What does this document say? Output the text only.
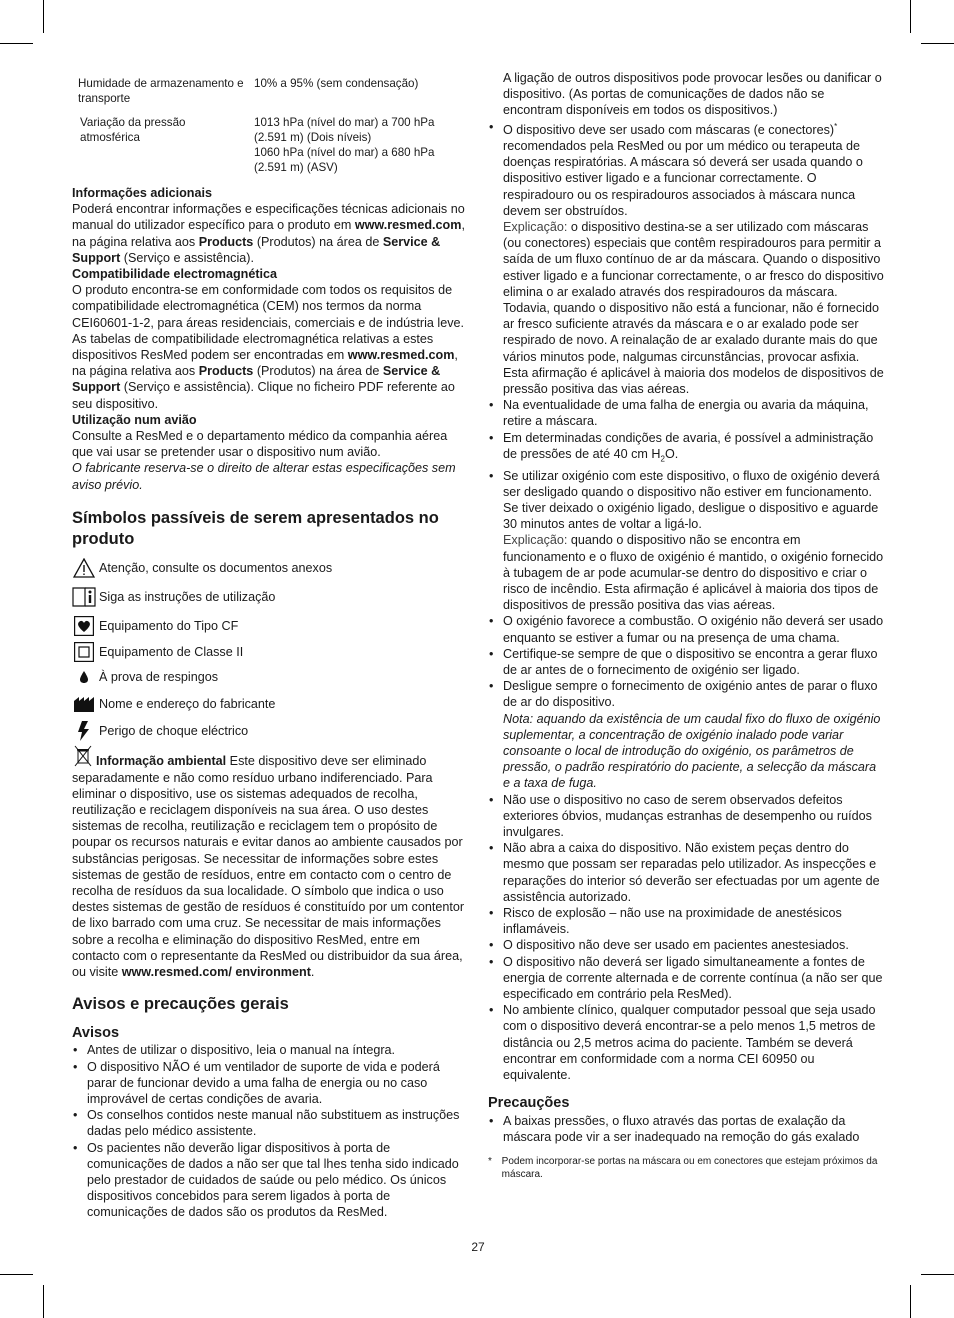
Humidade de armazenamento e transporte
10% a 95% (sem condensação)
Variação da pressão atmosférica
1013 hPa (nível do mar) a 700 hPa (2.591 m) (Dois níveis)
1060 hPa (nível do mar) a 680 hPa (2.591 m) (ASV)

Informações adicionais

Poderá encontrar informações e especificações técnicas adicionais no manual do utilizador específico para o produto em www.resmed.com, na página relativa aos Products (Produtos) na área de Service & Support (Serviço e assistência).

Compatibilidade electromagnética

O produto encontra-se em conformidade com todos os requisitos de compatibilidade electromagnética (CEM) nos termos da norma CEI60601-1-2, para áreas residenciais, comerciais e de indústria leve. As tabelas de compatibilidade electromagnética relativas a estes dispositivos ResMed podem ser encontradas em www.resmed.com, na página relativa aos Products (Produtos) na área de Service & Support (Serviço e assistência). Clique no ficheiro PDF referente ao seu dispositivo.

Utilização num avião

Consulte a ResMed e o departamento médico da companhia aérea que vai usar se pretender usar o dispositivo num avião.

O fabricante reserva-se o direito de alterar estas especificações sem aviso prévio.

Símbolos passíveis de serem apresentados no produto
Atenção, consulte os documentos anexos
Siga as instruções de utilização
Equipamento do Tipo CF
Equipamento de Classe II
À prova de respingos
Nome e endereço do fabricante
Perigo de choque eléctrico

Informação ambiental Este dispositivo deve ser eliminado separadamente e não como resíduo urbano indiferenciado. Para eliminar o dispositivo, use os sistemas adequados de recolha, reutilização e reciclagem disponíveis na sua área. O uso destes sistemas de recolha, reutilização e reciclagem tem o propósito de poupar os recursos naturais e evitar danos ao ambiente causados por substâncias perigosas. Se necessitar de informações sobre estes sistemas de gestão de resíduos, entre em contacto com o centro de recolha de resíduos da sua localidade. O símbolo que indica o uso destes sistemas de gestão de resíduos é constituído por um contentor de lixo barrado com uma cruz. Se necessitar de mais informações sobre a recolha e eliminação do dispositivo ResMed, entre em contacto com o representante da ResMed ou distribuidor da sua área, ou visite www.resmed.com/ environment.

Avisos e precauções gerais
Avisos
• Antes de utilizar o dispositivo, leia o manual na íntegra.
• O dispositivo NÃO é um ventilador de suporte de vida e poderá parar de funcionar devido a uma falha de energia ou no caso improvável de certas condições de avaria.
• Os conselhos contidos neste manual não substituem as instruções dadas pelo médico assistente.
• Os pacientes não deverão ligar dispositivos à porta de comunicações de dados a não ser que tal lhes tenha sido indicado pelo prestador de cuidados de saúde ou pelo médico. Os únicos dispositivos concebidos para serem ligados à porta de comunicações de dados são os produtos da ResMed.

A ligação de outros dispositivos pode provocar lesões ou danificar o dispositivo. (As portas de comunicações de dados não se encontram disponíveis em todos os dispositivos.)

• O dispositivo deve ser usado com máscaras (e conectores)* recomendados pela ResMed ou por um médico ou terapeuta de doenças respiratórias. A máscara só deverá ser usada quando o dispositivo estiver ligado e a funcionar correctamente. O respiradouro ou os respiradouros associados à máscara nunca devem ser obstruídos.

Explicação: o dispositivo destina-se a ser utilizado com máscaras (ou conectores) especiais que contêm respiradouros para permitir a saída de um fluxo contínuo de ar da máscara. Quando o dispositivo estiver ligado e a funcionar correctamente, o ar fresco do dispositivo elimina o ar exalado através dos respiradouros da máscara. Todavia, quando o dispositivo não está a funcionar, não é fornecido ar fresco suficiente através da máscara e o ar exalado pode ser respirado de novo. A reinalação de ar exalado durante mais do que vários minutos pode, nalgumas circunstâncias, provocar asfixia. Esta afirmação é aplicável à maioria dos modelos de dispositivos de pressão positiva das vias aéreas.

• Na eventualidade de uma falha de energia ou avaria da máquina, retire a máscara.
• Em determinadas condições de avaria, é possível a administração de pressões de até 40 cm $H_2O$.
• Se utilizar oxigénio com este dispositivo, o fluxo de oxigénio deverá ser desligado quando o dispositivo não estiver em funcionamento. Se tiver deixado o oxigénio ligado, desligue o dispositivo e aguarde 30 minutos antes de voltar a ligá-lo.

Explicação: quando o dispositivo não se encontra em funcionamento e o fluxo de oxigénio é mantido, o oxigénio fornecido à tubagem de ar pode acumular-se dentro do dispositivo e criar o risco de incêndio. Esta afirmação é aplicável à maioria dos tipos de dispositivos de pressão positiva das vias aéreas.

• O oxigénio favorece a combustão. O oxigénio não deverá ser usado enquanto se estiver a fumar ou na presença de uma chama.
• Certifique-se sempre de que o dispositivo se encontra a gerar fluxo de ar antes de o fornecimento de oxigénio ser ligado.
• Desligue sempre o fornecimento de oxigénio antes de parar o fluxo de ar do dispositivo.

Nota: aquando da existência de um caudal fixo do fluxo de oxigénio suplementar, a concentração de oxigénio inalado pode variar consoante o local de introdução do oxigénio, os parâmetros de pressão, o padrão respiratório do paciente, a selecção da máscara e a taxa de fuga.

• Não use o dispositivo no caso de serem observados defeitos exteriores óbvios, mudanças estranhas de desempenho ou ruídos invulgares.
• Não abra a caixa do dispositivo. Não existem peças dentro do mesmo que possam ser reparadas pelo utilizador. As inspecções e reparações do interior só deverão ser efectuadas por um agente de assistência autorizado.
• Risco de explosão – não use na proximidade de anestésicos inflamáveis.
• O dispositivo não deve ser usado em pacientes anestesiados.
• O dispositivo não deverá ser ligado simultaneamente a fontes de energia de corrente alternada e de corrente contínua (a não ser que especificado em contrário pela ResMed).
• No ambiente clínico, qualquer computador pessoal que seja usado com o dispositivo deverá encontrar-se a pelo menos 1,5 metros de distância ou 2,5 metros acima do paciente. Também se deverá encontrar em conformidade com a norma CEI 60950 ou equivalente.
Precauções
• A baixas pressões, o fluxo através das portas de exalação da máscara pode vir a ser inadequado na remoção do gás exalado
* Podem incorporar-se portas na máscara ou em conectores que estejam próximos da máscara.
27
